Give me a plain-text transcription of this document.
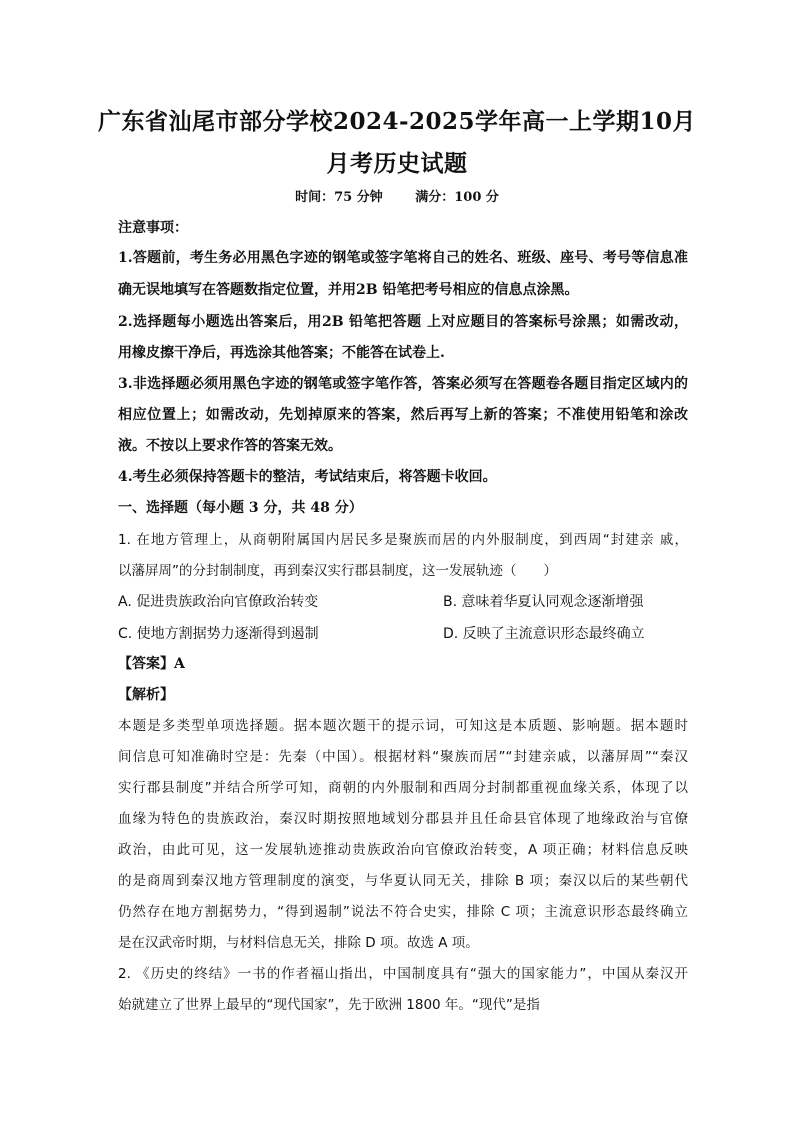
广东省汕尾市部分学校2024-2025学年高一上学期10月
月考历史试题
时间：75 分钟	满分：100 分
注意事项：
1.答题前，考生务必用黑色字迹的钢笔或签字笔将自己的姓名、班级、座号、考号等信息准
确无误地填写在答题数指定位置，并用2B 铅笔把考号相应的信息点涂黑。
2.选择题每小题选出答案后，用2B 铅笔把答题 上对应题目的答案标号涂黑；如需改动，
用橡皮擦干净后，再选涂其他答案；不能答在试卷上.
3.非选择题必须用黑色字迹的钢笔或签字笔作答，答案必须写在答题卷各题目指定区域内的
相应位置上；如需改动，先划掉原来的答案，然后再写上新的答案；不准使用铅笔和涂改
液。不按以上要求作答的答案无效。
4.考生必须保持答题卡的整洁，考试结束后，将答题卡收回。
一、选择题（每小题 3 分，共 48 分）
1. 在地方管理上，从商朝附属国内居民多是聚族而居的内外服制度，到西周“封建亲 戚，
以藩屏周”的分封制制度，再到秦汉实行郡县制度，这一发展轨迹（　　）
A. 促进贵族政治向官僚政治转变	B. 意味着华夏认同观念逐渐增强
C. 使地方割据势力逐渐得到遏制	D. 反映了主流意识形态最终确立
【答案】A
【解析】
本题是多类型单项选择题。据本题次题干的提示词，可知这是本质题、影响题。据本题时
间信息可知准确时空是：先秦（中国）。根据材料“聚族而居”“封建亲戚，以藩屏周”“秦汉
实行郡县制度”并结合所学可知，商朝的内外服制和西周分封制都重视血缘关系，体现了以
血缘为特色的贵族政治，秦汉时期按照地域划分郡县并且任命县官体现了地缘政治与官僚
政治，由此可见，这一发展轨迹推动贵族政治向官僚政治转变，A 项正确；材料信息反映
的是商周到秦汉地方管理制度的演变，与华夏认同无关，排除 B 项；秦汉以后的某些朝代
仍然存在地方割据势力，“得到遏制”说法不符合史实，排除 C 项；主流意识形态最终确立
是在汉武帝时期，与材料信息无关，排除 D 项。故选 A 项。
2. 《历史的终结》一书的作者福山指出，中国制度具有“强大的国家能力”，中国从秦汉开
始就建立了世界上最早的“现代国家”，先于欧洲 1800 年。“现代”是指
